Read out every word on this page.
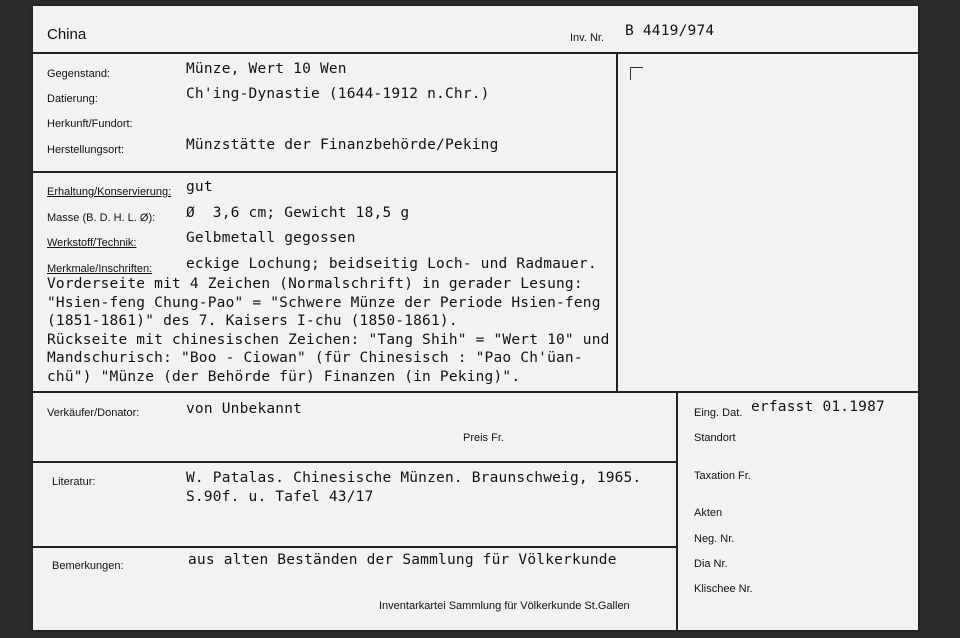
China	Inv. Nr. B 4419/974
Gegenstand:	Münze, Wert 10 Wen
Datierung:	Ch'ing-Dynastie (1644-1912 n.Chr.)
Herkunft/Fundort:
Herstellungsort:	Münzstätte der Finanzbehörde/Peking
Erhaltung/Konservierung: gut
Masse (B. D. H. L. Ø): Ø  3,6 cm; Gewicht 18,5 g
Werkstoff/Technik:	Gelbmetall gegossen
Merkmale/Inschriften: eckige Lochung; beidseitig Loch- und Radmauer.
Vorderseite mit 4 Zeichen (Normalschrift) in gerader Lesung:
"Hsien-feng Chung-Pao" = "Schwere Münze der Periode Hsien-feng
(1851-1861)" des 7. Kaisers I-chu (1850-1861).
Rückseite mit chinesischen Zeichen: "Tang Shih" = "Wert 10" und
Mandschurisch: "Boo - Ciowan" (für Chinesisch : "Pao Ch'üan-
chü") "Münze (der Behörde für) Finanzen (in Peking)".
Verkäufer/Donator:	von Unbekannt
Preis Fr.
Literatur:	W. Patalas. Chinesische Münzen. Braunschweig, 1965.
S.90f. u. Tafel 43/17
Bemerkungen:	aus alten Beständen der Sammlung für Völkerkunde
Inventarkartei Sammlung für Völkerkunde St.Gallen
Eing. Dat. erfasst 01.1987
Standort
Taxation Fr.
Akten
Neg. Nr.
Dia Nr.
Klischee Nr.
